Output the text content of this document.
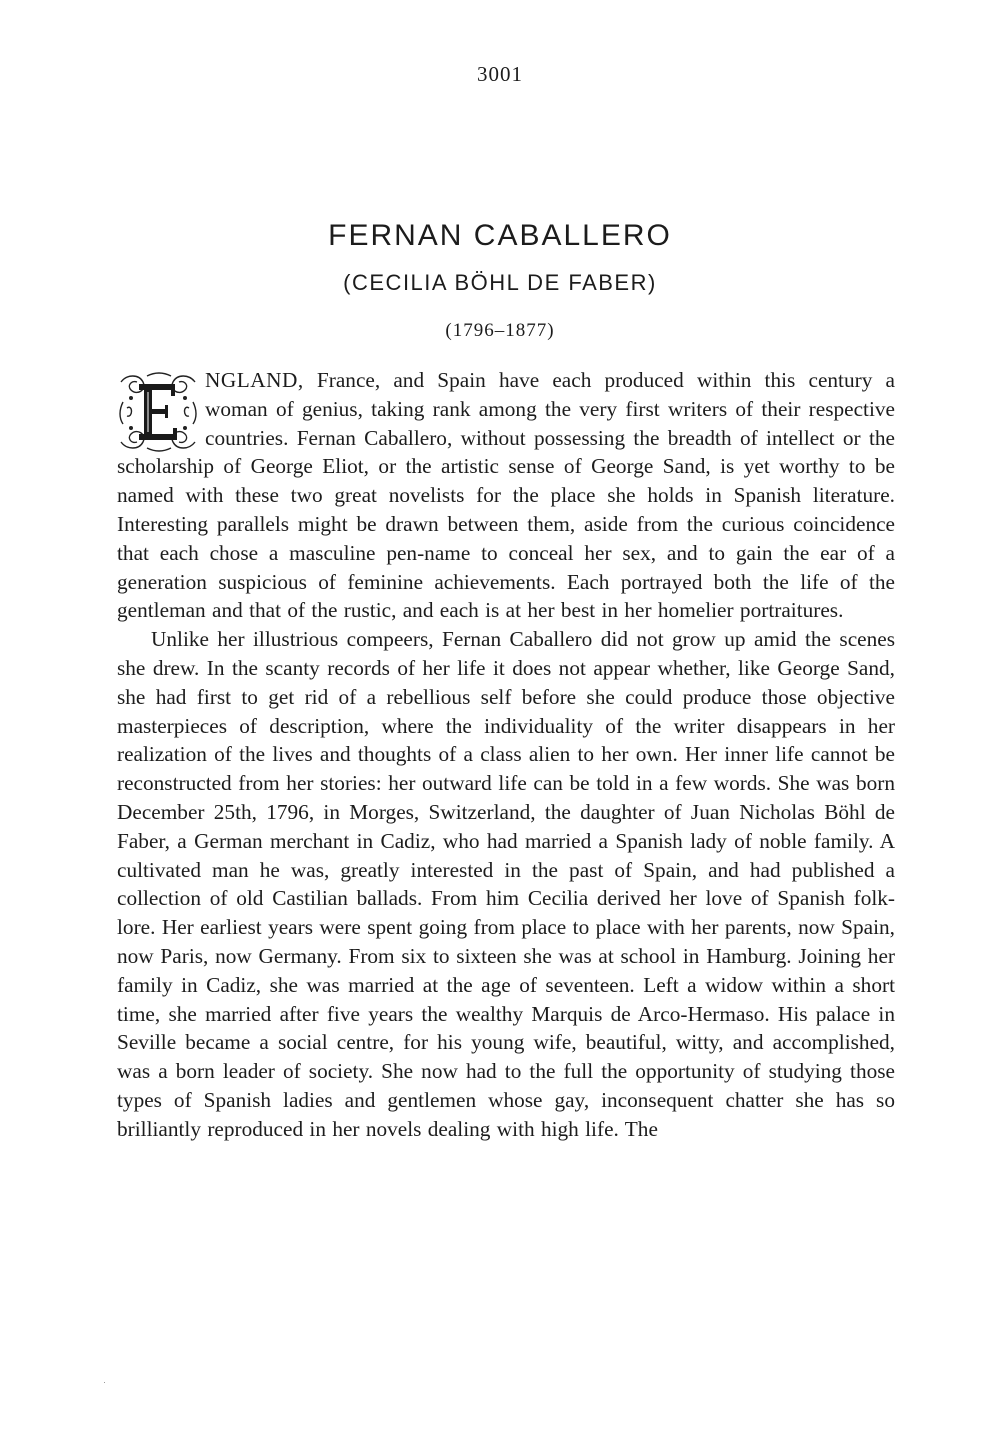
3001
FERNAN CABALLERO
(CECILIA BÖHL DE FABER)
(1796–1877)

NGLAND, France, and Spain have each produced within this century a woman of genius, taking rank among the very first writers of their respective countries. Fernan Caballero, without possessing the breadth of intellect or the scholarship of George Eliot, or the artistic sense of George Sand, is yet worthy to be named with these two great novelists for the place she holds in Spanish literature. Interesting parallels might be drawn between them, aside from the curious coincidence that each chose a masculine pen-name to conceal her sex, and to gain the ear of a generation suspicious of feminine achievements. Each portrayed both the life of the gentleman and that of the rustic, and each is at her best in her homelier portraitures.

Unlike her illustrious compeers, Fernan Caballero did not grow up amid the scenes she drew. In the scanty records of her life it does not appear whether, like George Sand, she had first to get rid of a rebellious self before she could produce those objective masterpieces of description, where the individuality of the writer disappears in her realization of the lives and thoughts of a class alien to her own. Her inner life cannot be reconstructed from her stories: her outward life can be told in a few words. She was born December 25th, 1796, in Morges, Switzerland, the daughter of Juan Nicholas Böhl de Faber, a German merchant in Cadiz, who had married a Spanish lady of noble family. A cultivated man he was, greatly interested in the past of Spain, and had published a collection of old Castilian ballads. From him Cecilia derived her love of Spanish folk-lore. Her earliest years were spent going from place to place with her parents, now Spain, now Paris, now Germany. From six to sixteen she was at school in Hamburg. Joining her family in Cadiz, she was married at the age of seventeen. Left a widow within a short time, she married after five years the wealthy Marquis de Arco-Hermaso. His palace in Seville became a social centre, for his young wife, beautiful, witty, and accomplished, was a born leader of society. She now had to the full the opportunity of studying those types of Spanish ladies and gentlemen whose gay, inconsequent chatter she has so brilliantly reproduced in her novels dealing with high life. The
